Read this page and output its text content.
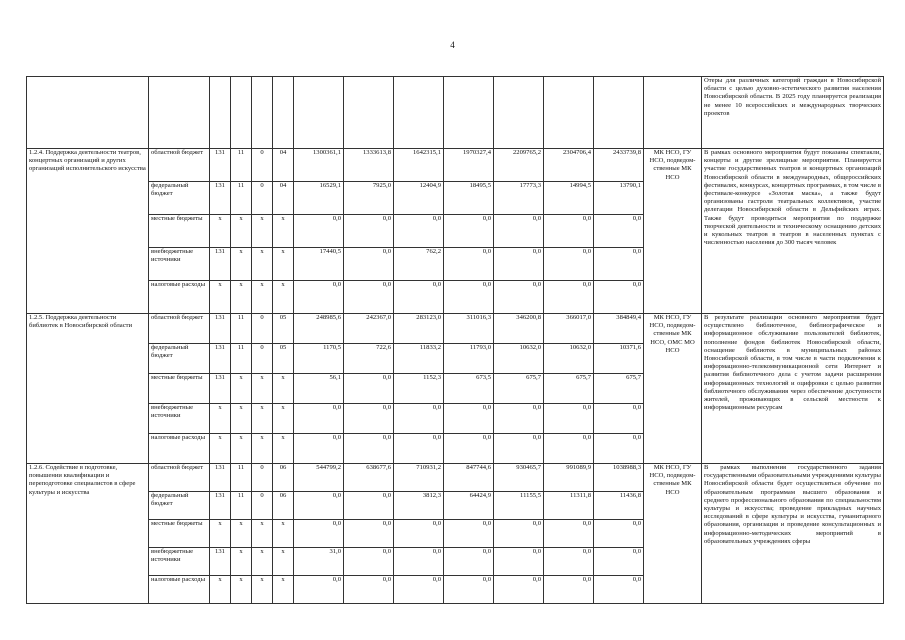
4
														Отеры для различных категорий граждан в Новосибирской области с целью духовно-эстетического развития населения Новосибирской области. В 2025 году планируется реализация не менее 10 всероссийских и международных творческих проектов
1.2.4. Поддержка деятельности театров, концертных организаций и других организаций исполнительского искусства	областной бюджет	131	11	0	04	1300361,1	1333613,8	1642315,1	1970327,4	2209765,2	2304706,4	2433739,8	МК НСО, ГУ НСО, подведом-ственные МК НСО	В рамках основного мероприятия будут показаны спектакли, концерты и другие зрелищные мероприятия. Планируется участие государственных театров и концертных организаций Новосибирской области в международных, общероссийских фестивалях, конкурсах, концертных программах, в том числе в фестивале-конкурсе «Золотая маска», а также будут организованы гастроли театральных коллективов, участие делегации Новосибирской области в Дельфийских играх. Также будут проводиться мероприятия по поддержке творческой деятельности и техническому оснащению детских и кукольных театров в театров в населенных пунктах с численностью населения до 300 тысяч человек
	федеральный бюджет	131	11	0	04	16529,1	7925,0	12404,9	18495,5	17773,3	14994,5	13790,1		
	местные бюджеты	x	x	x	x	0,0	0,0	0,0	0,0	0,0	0,0	0,0		
	внебюджетные источники	131	x	x	x	17440,5	0,0	762,2	0,0	0,0	0,0	0,0		
	налоговые расходы	x	x	x	x	0,0	0,0	0,0	0,0	0,0	0,0	0,0		
1.2.5. Поддержка деятельности библиотек в Новосибирской области	областной бюджет	131	11	0	05	248985,6	242367,0	283123,0	311016,3	346200,8	366017,0	384849,4	МК НСО, ГУ НСО, подведом-ственные МК НСО, ОМС МО НСО	В результате реализации основного мероприятия будет осуществлено библиотечное, библиографическое и информационное обслуживание пользователей библиотек, пополнение фондов библиотек Новосибирской области, оснащение библиотек в муниципальных районах Новосибирской области, в том числе в части подключения к информационно-телекоммуникационной сети Интернет и развития библиотечного дела с учетом задачи расширения информационных технологий и оцифровки с целью развития библиотечного обслуживания через обеспечение доступности жителей, проживающих в сельской местности к информационным ресурсам
	федеральный бюджет	131	11	0	05	1170,5	722,6	11833,2	11793,0	10632,0	10632,0	10371,6		
	местные бюджеты	131	x	x	x	56,1	0,0	1152,3	673,5	675,7	675,7	675,7		
	внебюджетные источники	x	x	x	x	0,0	0,0	0,0	0,0	0,0	0,0	0,0		
	налоговые расходы	x	x	x	x	0,0	0,0	0,0	0,0	0,0	0,0	0,0		
1.2.6. Содействие в подготовке, повышении квалификации и переподготовке специалистов в сфере культуры и искусства	областной бюджет	131	11	0	06	544799,2	638677,6	710931,2	847744,6	930465,7	991089,9	1038988,3	МК НСО, ГУ НСО, подведом-ственные МК НСО	В рамках выполнения государственного задания государственными образовательными учреждениями культуры Новосибирской области будет осуществляться обучение по образовательным программам высшего образования и среднего профессионального образования по специальностям культуры и искусства; проведение прикладных научных исследований в сфере культуры и искусства, гуманитарного образования, организация и проведение консультационных и информационно-методических мероприятий в образовательных учреждениях сферы
	федеральный бюджет	131	11	0	06	0,0	0,0	3812,3	64424,9	11155,5	11311,8	11436,8		
	местные бюджеты	x	x	x	x	0,0	0,0	0,0	0,0	0,0	0,0	0,0		
	внебюджетные источники	131	x	x	x	31,0	0,0	0,0	0,0	0,0	0,0	0,0		
	налоговые расходы	x	x	x	x	0,0	0,0	0,0	0,0	0,0	0,0	0,0		
